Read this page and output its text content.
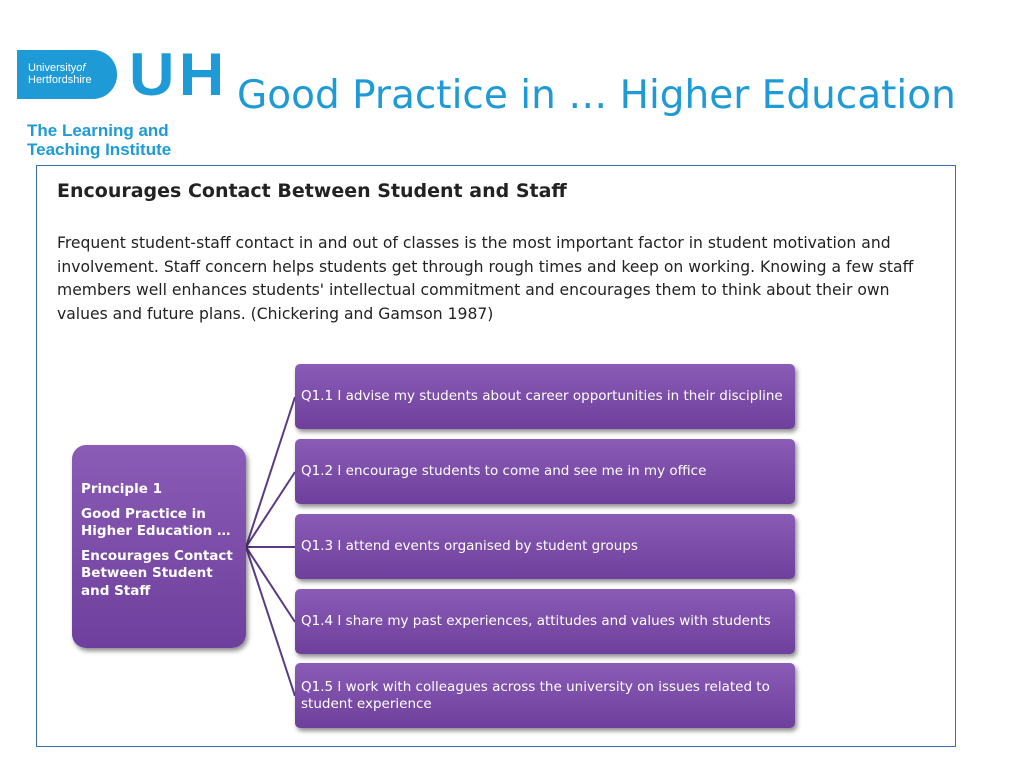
Universityof
Hertfordshire UH
The Learning and
Teaching Institute
Good Practice in … Higher Education
Encourages Contact Between Student and Staff
Frequent student-staff contact in and out of classes is the most important factor in student motivation and involvement. Staff concern helps students get through rough times and keep on working. Knowing a few staff members well enhances students' intellectual commitment and encourages them to think about their own values and future plans. (Chickering and Gamson 1987)
Principle 1
Good Practice in Higher Education …
Encourages Contact Between Student and Staff
Q1.1 I advise my students about career opportunities in their discipline
Q1.2 I encourage students to come and see me in my office
Q1.3 I attend events organised by student groups
Q1.4 I share my past experiences, attitudes and values with students
Q1.5 I work with colleagues across the university on issues related to student experience
